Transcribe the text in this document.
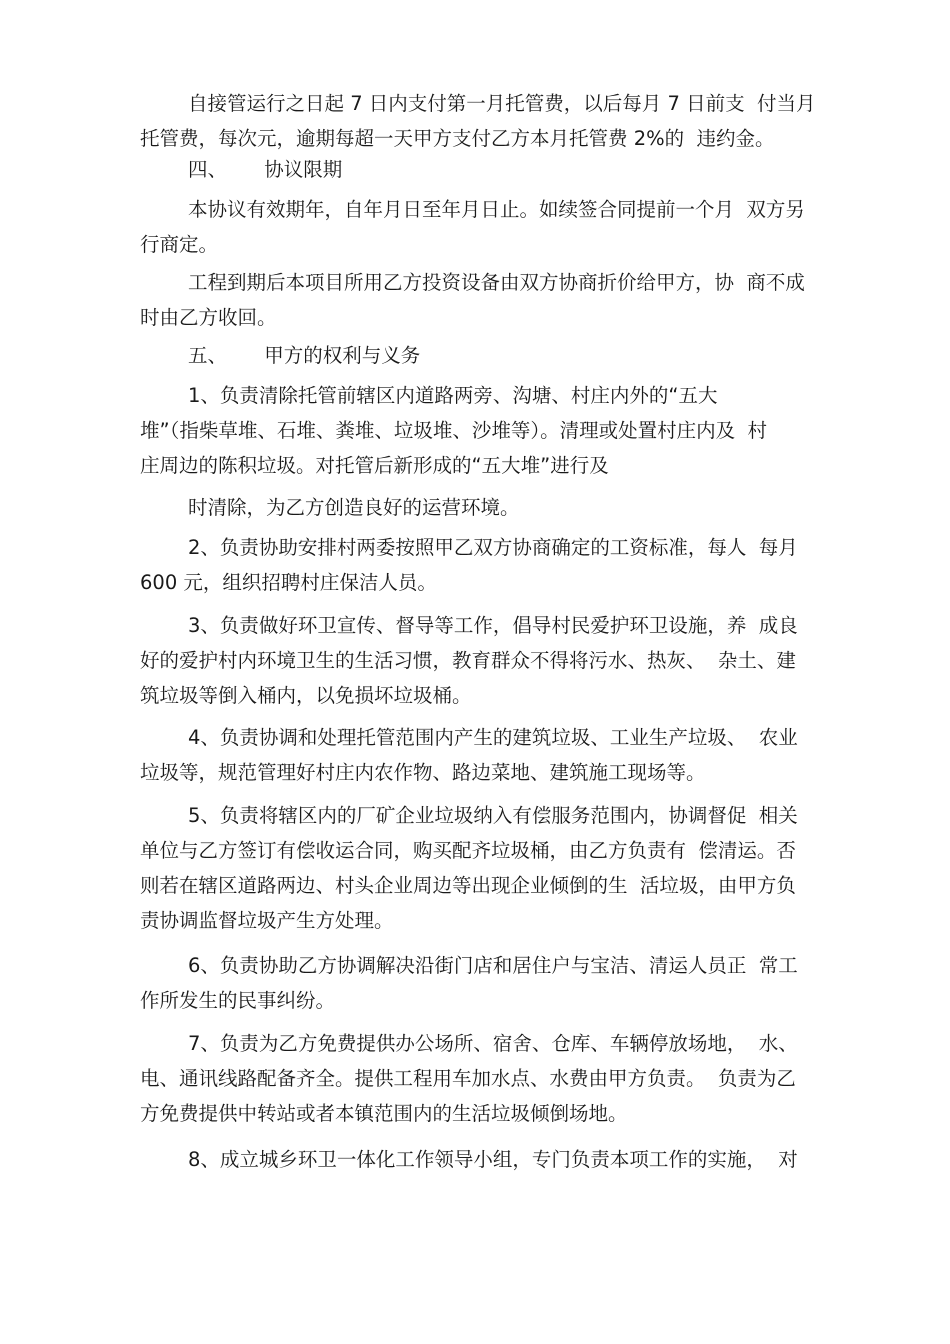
自接管运行之日起 7 日内支付第一月托管费，以后每月 7 日前支  付当月
托管费，每次元，逾期每超一天甲方支付乙方本月托管费 2%的  违约金。
四、      协议限期
本协议有效期年，自年月日至年月日止。如续签合同提前一个月  双方另
行商定。
工程到期后本项目所用乙方投资设备由双方协商折价给甲方，协  商不成
时由乙方收回。
五、      甲方的权利与义务
1、负责清除托管前辖区内道路两旁、沟塘、村庄内外的“五大
堆”（指柴草堆、石堆、粪堆、垃圾堆、沙堆等）。清理或处置村庄内及  村
庄周边的陈积垃圾。对托管后新形成的“五大堆”进行及
时清除，为乙方创造良好的运营环境。
2、负责协助安排村两委按照甲乙双方协商确定的工资标准，每人  每月
600 元，组织招聘村庄保洁人员。
3、负责做好环卫宣传、督导等工作，倡导村民爱护环卫设施，养  成良
好的爱护村内环境卫生的生活习惯，教育群众不得将污水、热灰、  杂土、建
筑垃圾等倒入桶内，以免损坏垃圾桶。
4、负责协调和处理托管范围内产生的建筑垃圾、工业生产垃圾、  农业
垃圾等，规范管理好村庄内农作物、路边菜地、建筑施工现场等。
5、负责将辖区内的厂矿企业垃圾纳入有偿服务范围内，协调督促  相关
单位与乙方签订有偿收运合同，购买配齐垃圾桶，由乙方负责有  偿清运。否
则若在辖区道路两边、村头企业周边等出现企业倾倒的生  活垃圾，由甲方负
责协调监督垃圾产生方处理。
6、负责协助乙方协调解决沿街门店和居住户与宝洁、清运人员正  常工
作所发生的民事纠纷。
7、负责为乙方免费提供办公场所、宿舍、仓库、车辆停放场地，  水、
电、通讯线路配备齐全。提供工程用车加水点、水费由甲方负责。  负责为乙
方免费提供中转站或者本镇范围内的生活垃圾倾倒场地。
8、成立城乡环卫一体化工作领导小组，专门负责本项工作的实施，  对
